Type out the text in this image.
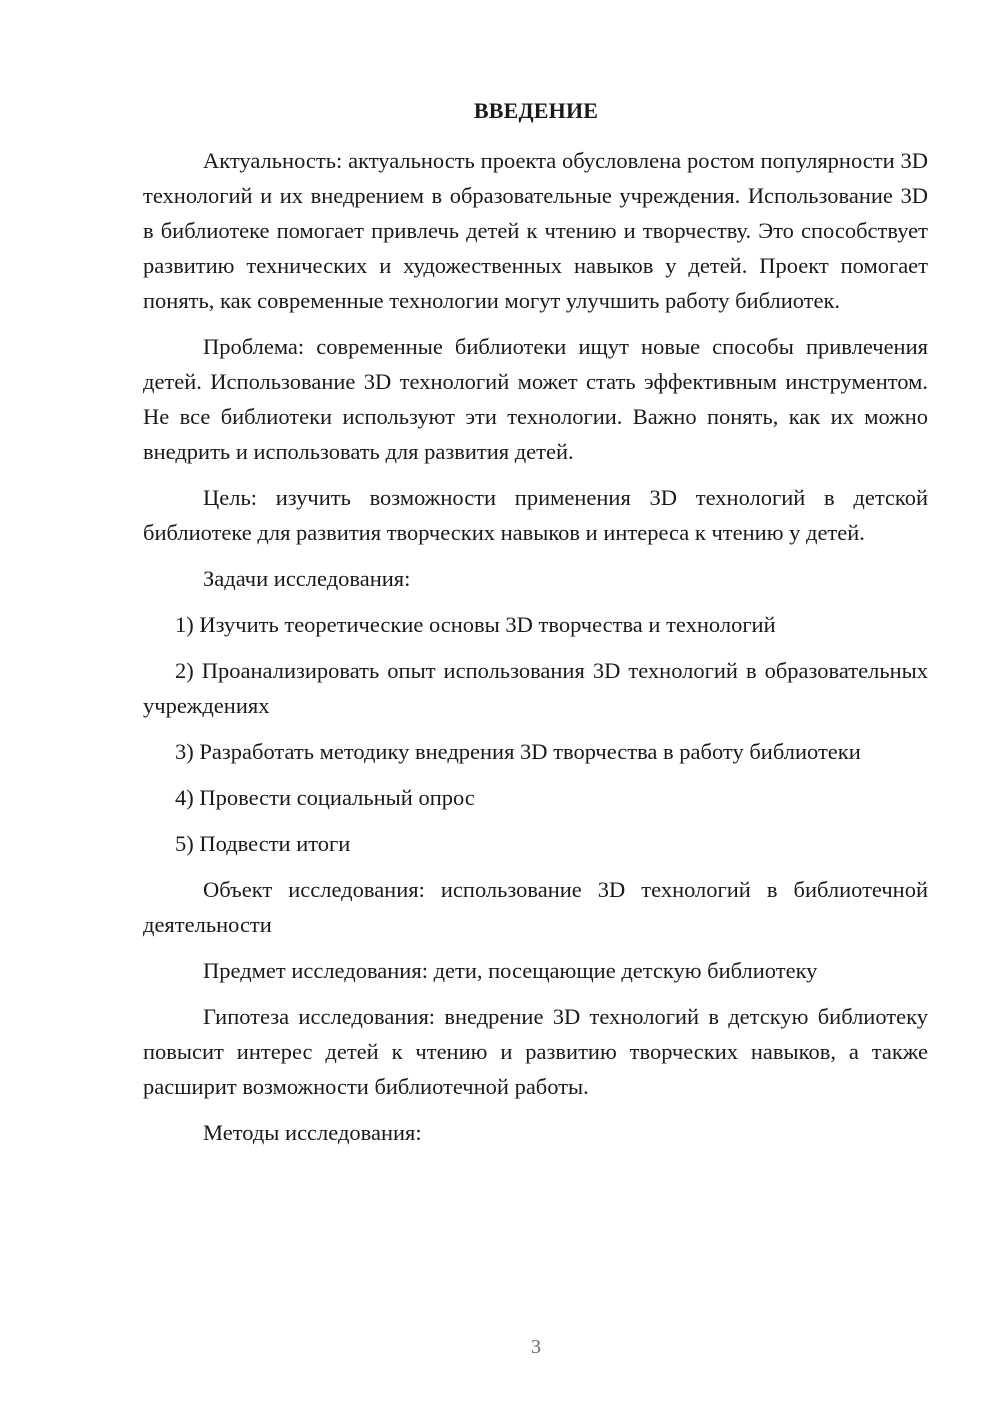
ВВЕДЕНИЕ

Актуальность: актуальность проекта обусловлена ростом популярности 3D технологий и их внедрением в образовательные учреждения. Использование 3D в библиотеке помогает привлечь детей к чтению и творчеству. Это способствует развитию технических и художественных навыков у детей. Проект помогает понять, как современные технологии могут улучшить работу библиотек.

Проблема: современные библиотеки ищут новые способы привлечения детей. Использование 3D технологий может стать эффективным инструментом. Не все библиотеки используют эти технологии. Важно понять, как их можно внедрить и использовать для развития детей.

Цель: изучить возможности применения 3D технологий в детской библиотеке для развития творческих навыков и интереса к чтению у детей.

Задачи исследования:

1) Изучить теоретические основы 3D творчества и технологий

2) Проанализировать опыт использования 3D технологий в образовательных учреждениях

3) Разработать методику внедрения 3D творчества в работу библиотеки

4) Провести социальный опрос

5) Подвести итоги

Объект исследования: использование 3D технологий в библиотечной деятельности

Предмет исследования: дети, посещающие детскую библиотеку

Гипотеза исследования: внедрение 3D технологий в детскую библиотеку повысит интерес детей к чтению и развитию творческих навыков, а также расширит возможности библиотечной работы.

Методы исследования:

3
